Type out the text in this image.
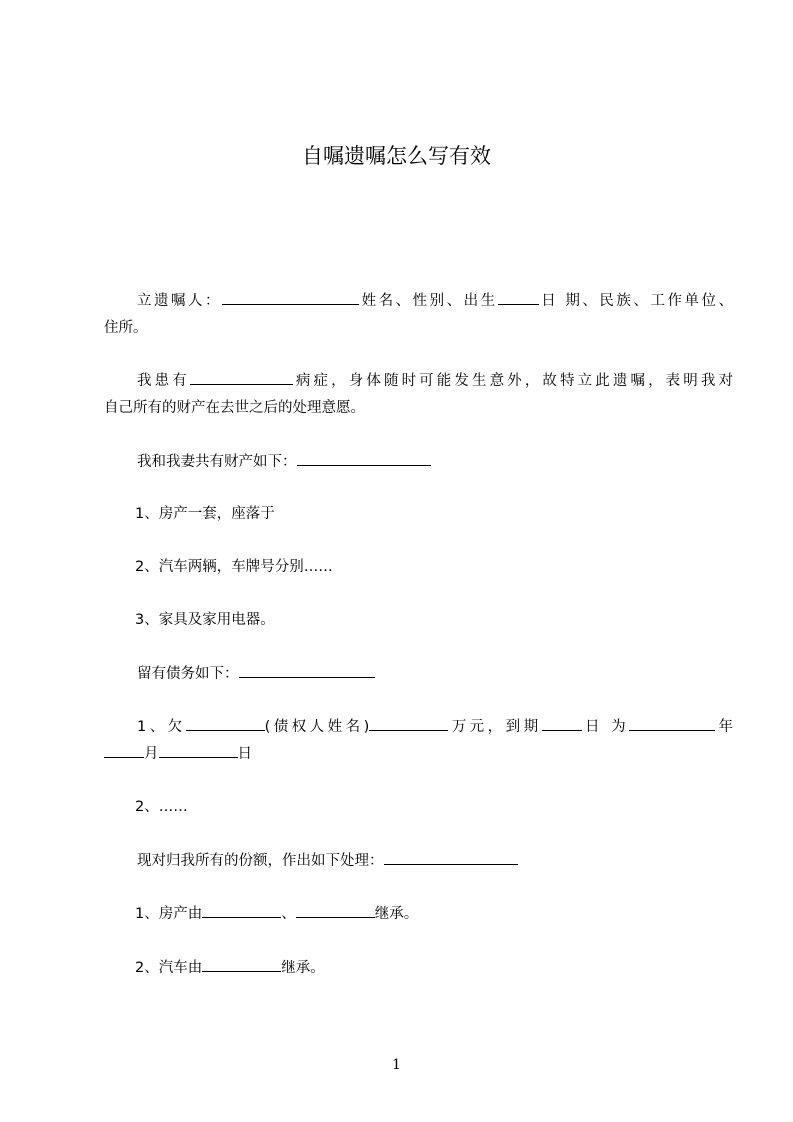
自嘱遗嘱怎么写有效
立遗嘱人：	姓名、性别、出生	日 期、民族、工作单位、
住所。
我患有	病症，身体随时可能发生意外，故特立此遗嘱，表明我对
自己所有的财产在去世之后的处理意愿。
我和我妻共有财产如下：
1、房产一套，座落于
2、汽车两辆，车牌号分别……
3、家具及家用电器。
留有债务如下：
1、欠	(债权人姓名)	万元，到期	日 为	年
月	日
2、……
现对归我所有的份额，作出如下处理：
1、房产由	、	继承。
2、汽车由	继承。
1
